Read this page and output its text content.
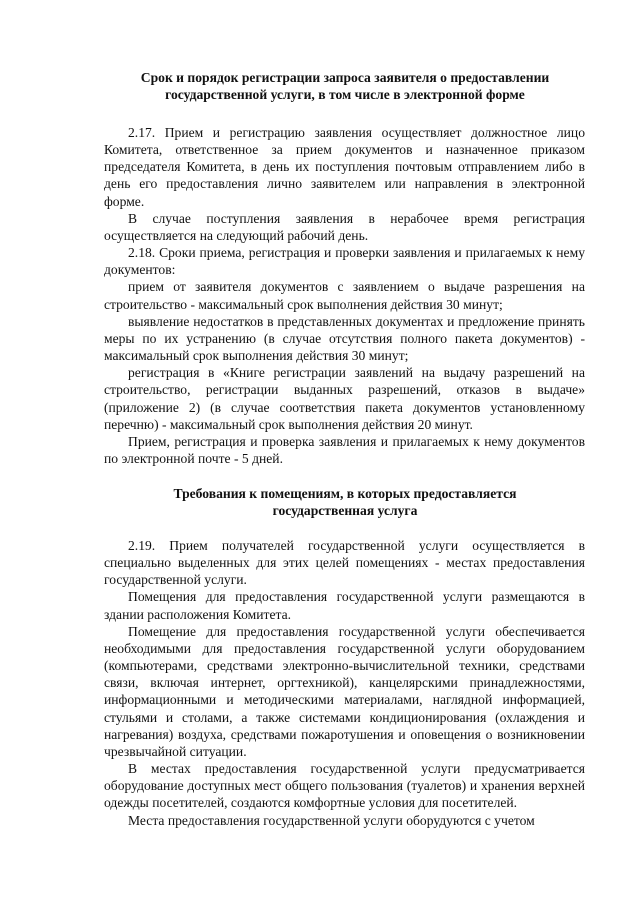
Срок и порядок регистрации запроса заявителя о предоставлении
государственной услуги, в том числе в электронной форме

2.17. Прием и регистрацию заявления осуществляет должностное лицо Комитета, ответственное за прием документов и назначенное приказом председателя Комитета, в день их поступления почтовым отправлением либо в день его предоставления лично заявителем или направления в электронной форме.

В случае поступления заявления в нерабочее время регистрация осуществляется на следующий рабочий день.

2.18. Сроки приема, регистрация и проверки заявления и прилагаемых к нему документов:

прием от заявителя документов с заявлением о выдаче разрешения на строительство - максимальный срок выполнения действия 30 минут;

выявление недостатков в представленных документах и предложение принять меры по их устранению (в случае отсутствия полного пакета документов) - максимальный срок выполнения действия 30 минут;

регистрация в «Книге регистрации заявлений на выдачу разрешений на строительство, регистрации выданных разрешений, отказов в выдаче» (приложение 2) (в случае соответствия пакета документов установленному перечню) - максимальный срок выполнения действия 20 минут.

Прием, регистрация и проверка заявления и прилагаемых к нему документов по электронной почте - 5 дней.

Требования к помещениям, в которых предоставляется
государственная услуга

2.19. Прием получателей государственной услуги осуществляется в специально выделенных для этих целей помещениях - местах предоставления государственной услуги.

Помещения для предоставления государственной услуги размещаются в здании расположения Комитета.

Помещение для предоставления государственной услуги обеспечивается необходимыми для предоставления государственной услуги оборудованием (компьютерами, средствами электронно-вычислительной техники, средствами связи, включая интернет, оргтехникой), канцелярскими принадлежностями, информационными и методическими материалами, наглядной информацией, стульями и столами, а также системами кондиционирования (охлаждения и нагревания) воздуха, средствами пожаротушения и оповещения о возникновении чрезвычайной ситуации.

В местах предоставления государственной услуги предусматривается оборудование доступных мест общего пользования (туалетов) и хранения верхней одежды посетителей, создаются комфортные условия для посетителей.

Места предоставления государственной услуги оборудуются с учетом
